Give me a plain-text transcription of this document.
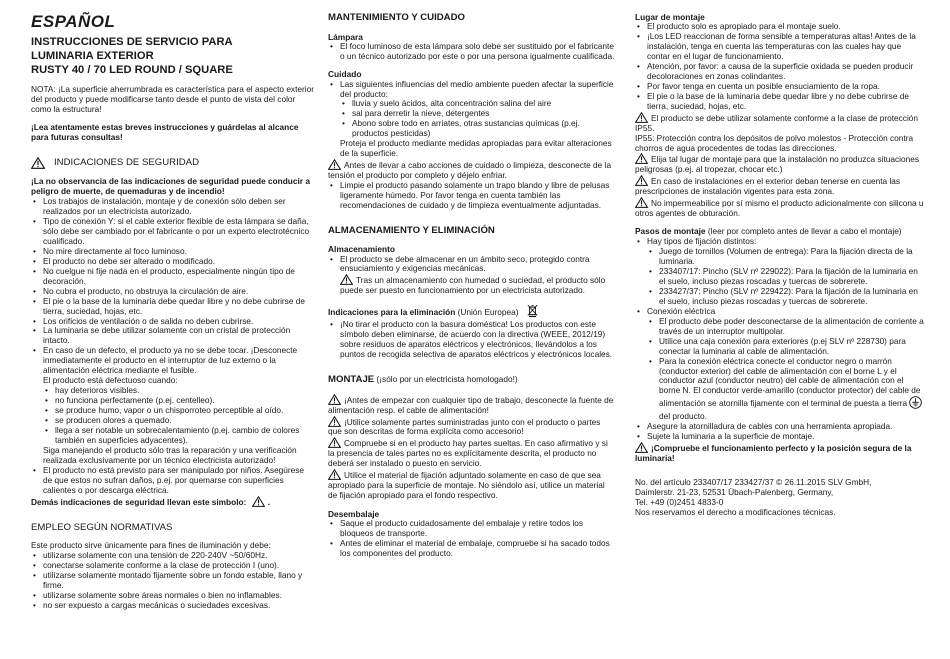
ESPAÑOL
INSTRUCCIONES DE SERVICIO PARA
LUMINARIA EXTERIOR
RUSTY 40 / 70 LED ROUND / SQUARE

NOTA: ¡La superficie aherrumbrada es característica para el aspecto exterior del producto y puede modificarse tanto desde el punto de vista del color como la estructura!

¡Lea atentamente estas breves instrucciones y guárdelas al alcance para futuras consultas!

INDICACIONES DE SEGURIDAD

¡La no observancia de las indicaciones de seguridad puede conducir a peligro de muerte, de quemaduras y de incendio!

• Los trabajos de instalación, montaje y de conexión sólo deben ser realizados por un electricista autorizado.
• Tipo de conexión Y: si el cable exterior flexible de esta lámpara se daña, sólo debe ser cambiado por el fabricante o por un experto electrotécnico cualificado.
• No mire directamente al foco luminoso.
• El producto no debe ser alterado o modificado.
• No cuelgue ni fije nada en el producto, especialmente ningún tipo de decoración.
• No cubra el producto, no obstruya la circulación de aire.
• El pie o la base de la luminaria debe quedar libre y no debe cubrirse de tierra, suciedad, hojas, etc.
• Los orificios de ventilación o de salida no deben cubrirse.
• La luminaria se debe utilizar solamente con un cristal de protección intacto.
• En caso de un defecto, el producto ya no se debe tocar. ¡Desconecte inmediatamente el producto en el interruptor de luz externo o la alimentación eléctrica mediante el fusible.

El producto está defectuoso cuando:

• hay deterioros visibles.
• no funciona perfectamente (p.ej. centelleo).
• se produce humo, vapor o un chisporroteo perceptible al oído.
• se producen olores a quemado.
• llega a ser notable un sobrecalentamiento (p.ej. cambio de colores también en superficies adyacentes).

Siga manejando el producto sólo tras la reparación y una verificación realizada exclusivamente por un técnico electricista autorizado!

• El producto no está previsto para ser manipulado por niños. Asegúrese de que estos no sufran daños, p.ej. por quemarse con superficies calientes o por descarga eléctrica.

Demás indicaciones de seguridad llevan este simbolo:	.

EMPLEO SEGÚN NORMATIVAS

Este producto sirve únicamente para fines de iluminación y debe:

• utilizarse solamente con una tensión de 220-240V ~50/60Hz.
• conectarse solamente conforme a la clase de protección I (uno).
• utilizarse solamente montado fijamente sobre un fondo estable, llano y firme.
• utilizarse solamente sobre áreas normales o bien no inflamables.
• no ser expuesto a cargas mecánicas o suciedades excesivas.
MANTENIMIENTO Y CUIDADO
Lámpara
• El foco luminoso de esta lámpara solo debe ser sustituido por el fabricante o un técnico autorizado por este o por una persona igualmente cualificada.
Cuidado
• Las siguientes influencias del medio ambiente pueden afectar la superficie del producto:
• lluvia y suelo ácidos, alta concentración salina del aire
• sal para derretir la nieve, detergentes
• Abono sobre todo en arriates, otras sustancias químicas (p.ej. productos pesticidas)

Proteja el producto mediante medidas apropiadas para evitar alteraciones de la superficie.

Antes de llevar a cabo acciones de cuidado o limpieza, desconecte de la tensión el producto por completo y déjelo enfriar.

• Limpie el producto pasando solamente un trapo blando y libre de pelusas ligeramente húmedo. Por favor tenga en cuenta también las recomendaciones de cuidado y de limpieza eventualmente adjuntadas.
ALMACENAMIENTO Y ELIMINACIÓN
Almacenamiento
• El producto se debe almacenar en un ámbito seco, protegido contra ensuciamiento y exigencias mecánicas.

Tras un almacenamiento con humedad o suciedad, el producto sólo puede ser puesto en funcionamiento por un electricista autorizado.

Indicaciones para la eliminación (Unión Europea)

• ¡No tirar el producto con la basura doméstica! Los productos con este símbolo deben eliminarse, de acuerdo con la directiva (WEEE, 2012/19) sobre residuos de aparatos eléctricos y electrónicos, llevándolos a los puntos de recogida selectiva de aparatos eléctricos y electrónicos locales.

MONTAJE (¡sólo por un electricista homologado!)

¡Antes de empezar con cualquier tipo de trabajo, desconecte la fuente de alimentación resp. el cable de alimentación!

¡Utilice solamente partes suministradas junto con el producto o partes que son descritas de forma explícita como accesorio!

Compruebe si en el producto hay partes sueltas. En caso afirmativo y si la presencia de tales partes no es explícitamente descrita, el producto no deberá ser instalado o puesto en servicio.

Utilice el material de fijación adjuntado solamente en caso de que sea apropiado para la superficie de montaje. No siéndolo así, utilice un material de fijación apropiado para el fondo respectivo.

Desembalaje
• Saque el producto cuidadosamente del embalaje y retire todos los bloqueos de transporte.
• Antes de eliminar el material de embalaje, compruebe si ha sacado todos los componentes del producto.
Lugar de montaje
• El producto solo es apropiado para el montaje suelo.
• ¡Los LED reaccionan de forma sensible a temperaturas altas! Antes de la instalación, tenga en cuenta las temperaturas con las cuales hay que contar en el lugar de funcionamiento.
• Atención, por favor: a causa de la superficie oxidada se pueden producir decoloraciones en zonas colindantes.
• Por favor tenga en cuenta un posible ensuciamiento de la ropa.
• El pie o la base de la luminaria debe quedar libre y no debe cubrirse de tierra, suciedad, hojas, etc.

El producto se debe utilizar solamente conforme a la clase de protección IP55.

IP55: Protección contra los depósitos de polvo molestos - Protección contra chorros de agua procedentes de todas las direcciones.

Elija tal lugar de montaje para que la instalación no produzca situaciones peligrosas (p.ej. al tropezar, chocar etc.)

En caso de instalaciones en el exterior deban tenerse en cuenta las prescripciones de instalación vigentes para esta zona.

No impermeabilice por sí mismo el producto adicionalmente con silicona u otros agentes de obturación.

Pasos de montaje (leer por completo antes de llevar a cabo el montaje)

• Hay tipos de fijación distintos:
• Juego de tornillos (Volumen de entrega): Para la fijación directa de la luminaria.
• 233407/17: Pincho (SLV nº 229022): Para la fijación de la luminaria en el suelo, incluso piezas roscadas y tuercas de sobrerete.
• 233427/37: Pincho (SLV nº 229422): Para la fijación de la luminaria en el suelo, incluso piezas roscadas y tuercas de sobrerete.
• Conexión eléctrica
• El producto debe poder desconectarse de la alimentación de corriente a través de un interruptor multipolar.
• Utilice una caja conexión para exteriores (p.ej SLV nº 228730) para conectar la luminaria al cable de alimentación.
• Para la conexión eléctrica conecte el conductor negro o marrón (conductor exterior) del cable de alimentación con el borne L y el conductor azul (conductor neutro) del cable de alimentación con el borne N. El conductor verde-amarillo (conductor protector) del cable de alimentación se atornilla fijamente con el terminal de puesta a tierra  del producto.
• Asegure la atornilladura de cables con una herramienta apropiada.
• Sujete la luminaria a la superficie de montaje.

¡Compruebe el funcionamiento perfecto y la posición segura de la luminaria!

No. del artículo 233407/17 233427/37 © 26.11.2015 SLV GmbH,

Daimlerstr. 21-23, 52531 Übach-Palenberg, Germany,

Tel. +49 (0)2451 4833-0

Nos reservamos el derecho a modificaciones técnicas.
